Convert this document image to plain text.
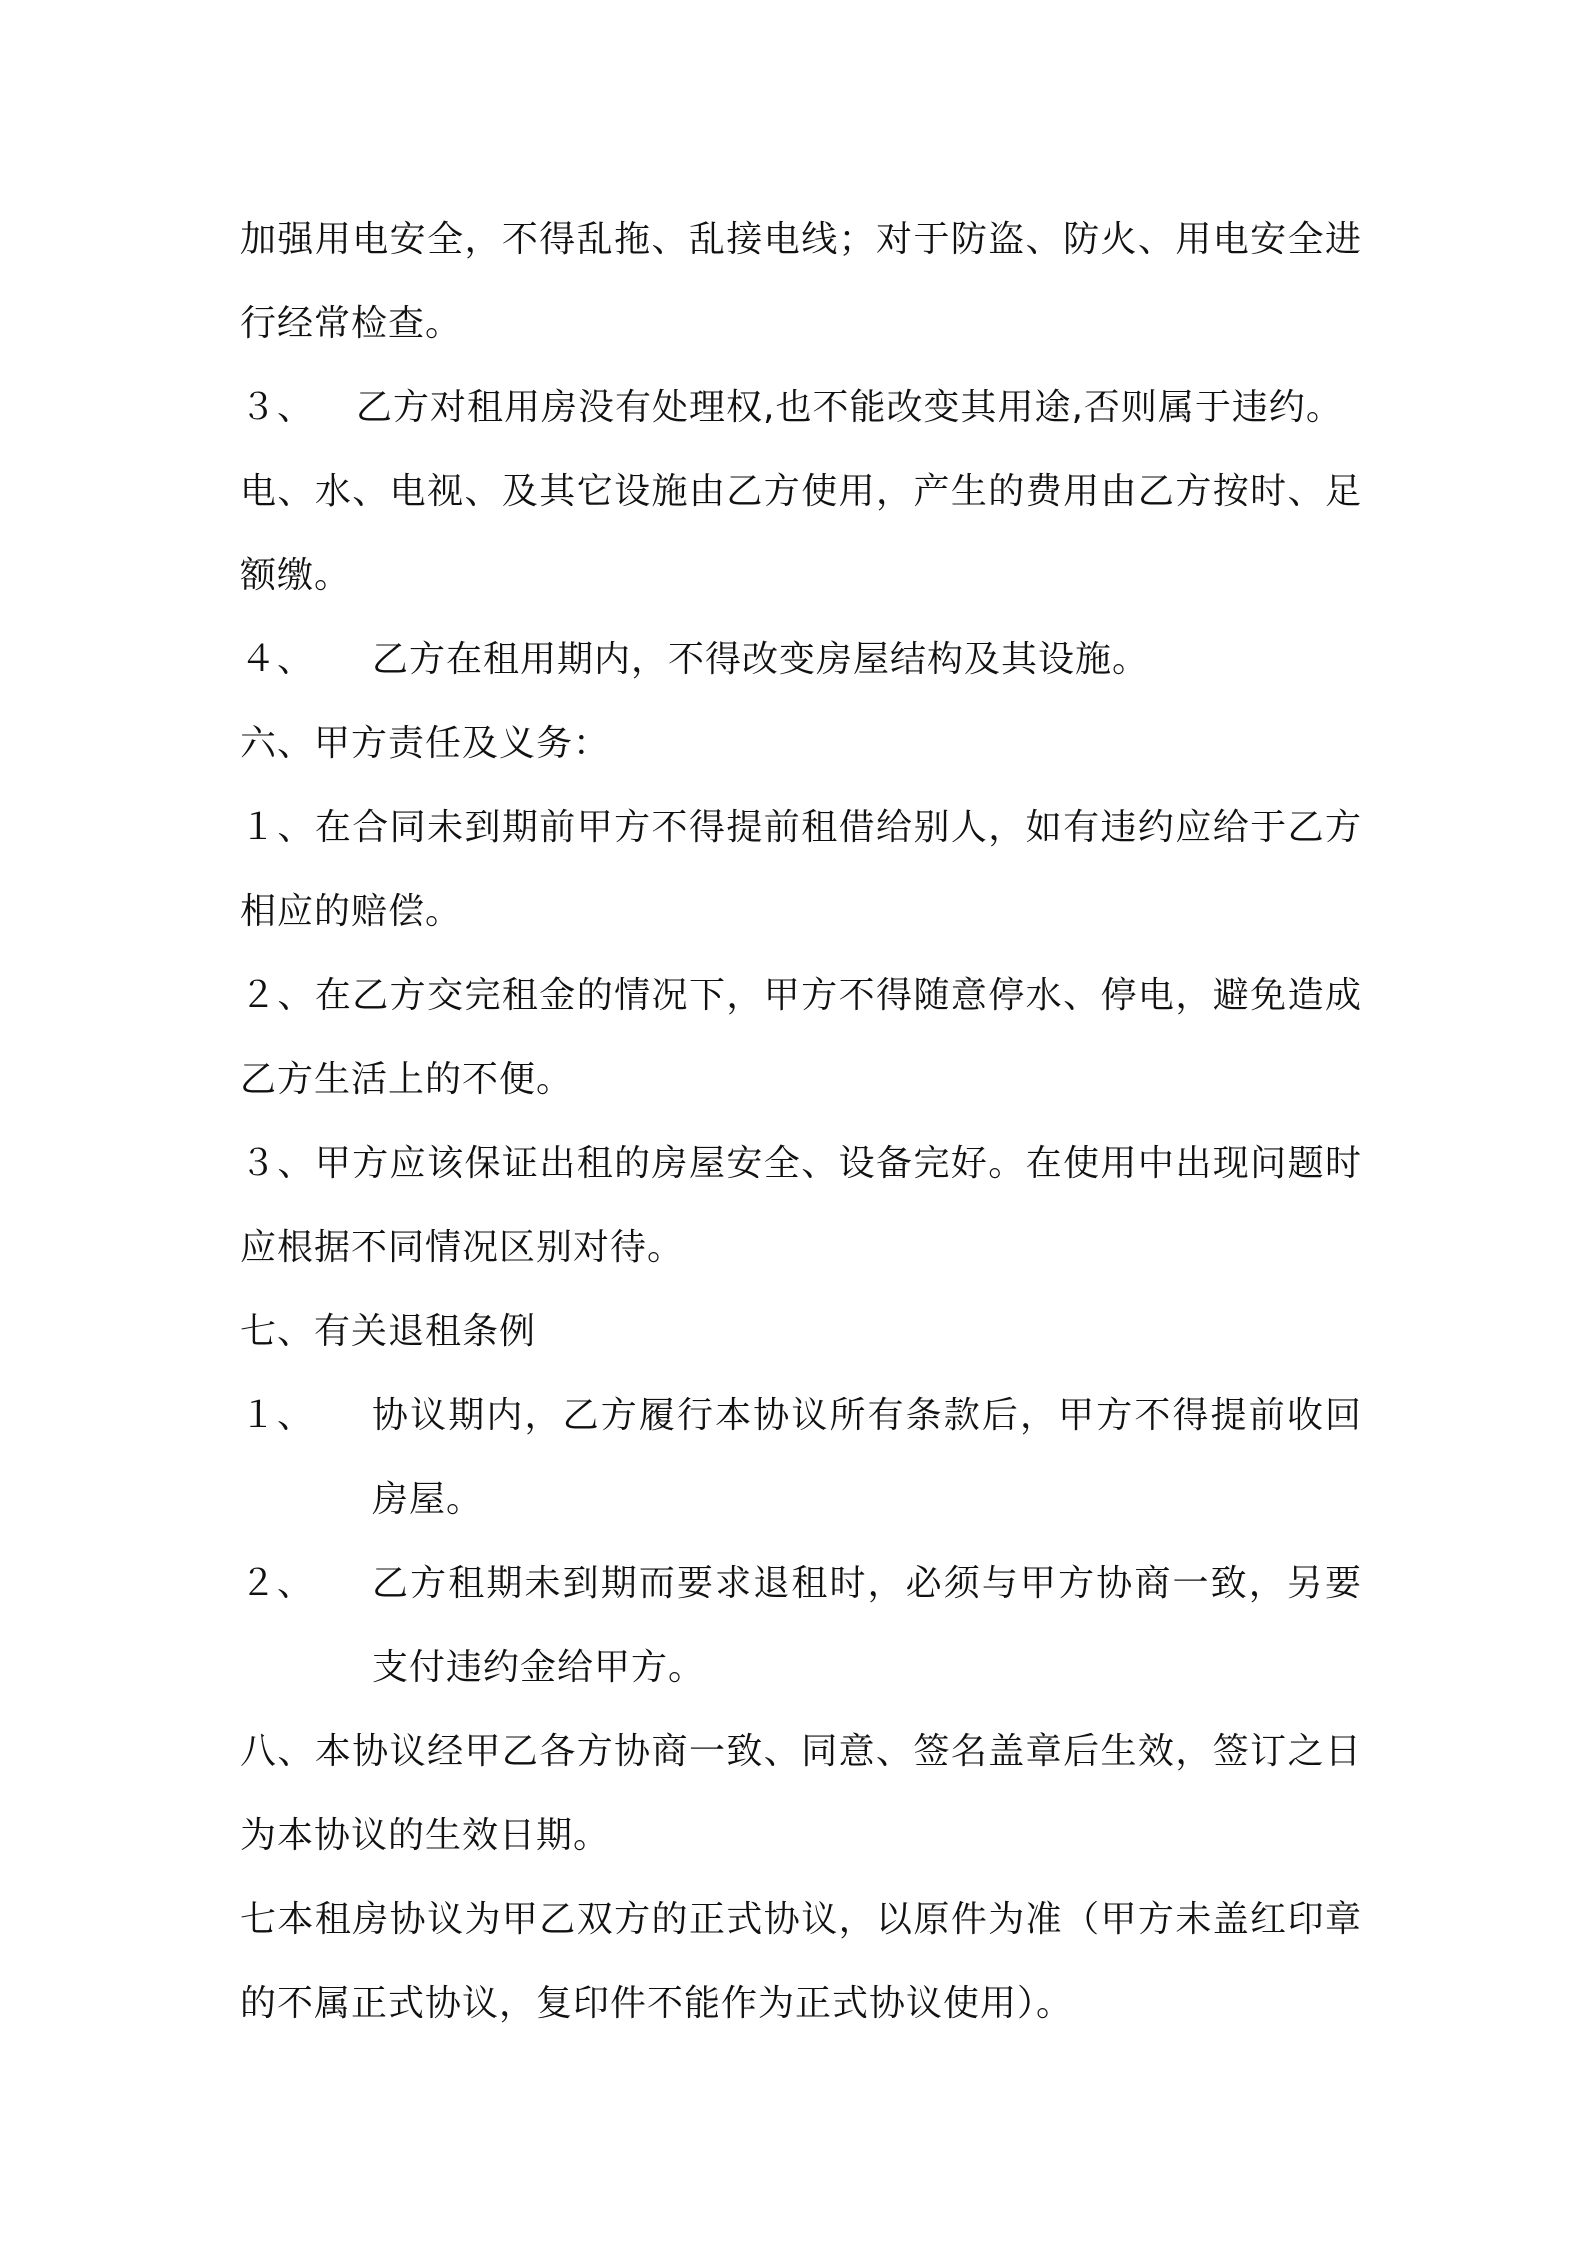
加强用电安全，不得乱拖、乱接电线；对于防盗、防火、用电安全进行经常检查。

３、 乙方对租用房没有处理权,也不能改变其用途,否则属于违约。

电、水、电视、及其它设施由乙方使用，产生的费用由乙方按时、足额缴。

４、 乙方在租用期内，不得改变房屋结构及其设施。

六、甲方责任及义务：

１、在合同未到期前甲方不得提前租借给别人，如有违约应给于乙方相应的赔偿。

２、在乙方交完租金的情况下，甲方不得随意停水、停电，避免造成乙方生活上的不便。

３、甲方应该保证出租的房屋安全、设备完好。在使用中出现问题时应根据不同情况区别对待。

七、有关退租条例

１、 协议期内，乙方履行本协议所有条款后，甲方不得提前收回房屋。
２、 乙方租期未到期而要求退租时，必须与甲方协商一致，另要支付违约金给甲方。

八、本协议经甲乙各方协商一致、同意、签名盖章后生效，签订之日为本协议的生效日期。

七本租房协议为甲乙双方的正式协议，以原件为准（甲方未盖红印章的不属正式协议，复印件不能作为正式协议使用）。
